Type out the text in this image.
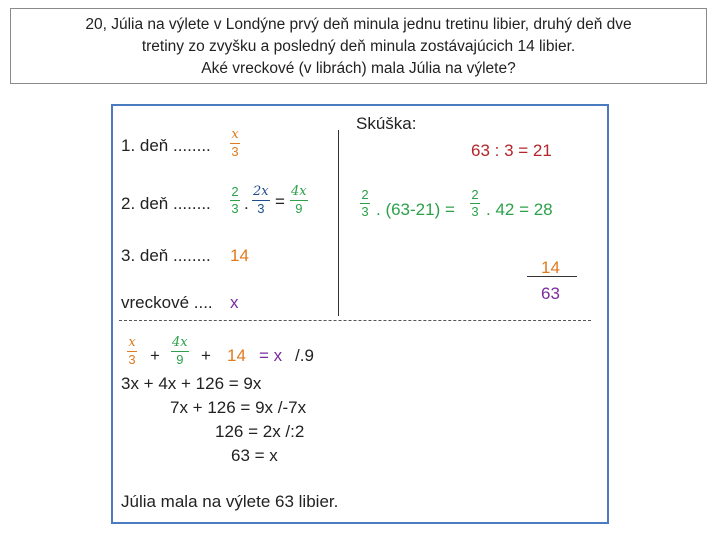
20, Júlia na výlete v Londýne prvý deň minula jednu tretinu libier, druhý deň dve
tretiny zo zvyšku a posledný deň minula zostávajúcich 14 libier.
Aké vreckové (v librách) mala Júlia na výlete?
1. deň ........
x
3
2. deň ........
2
3 .
2x
3 =
4x
9
3. deň ........ 14
vreckové .... x
Skúška:
63 : 3 = 21
2
3 . (63-21) =
2
3 . 42 = 28
14
63
x
3 +
4x
9 + 14 = x /.9
3x + 4x + 126 = 9x
7x + 126 = 9x /-7x
126 = 2x /:2
63 = x
Júlia mala na výlete 63 libier.
